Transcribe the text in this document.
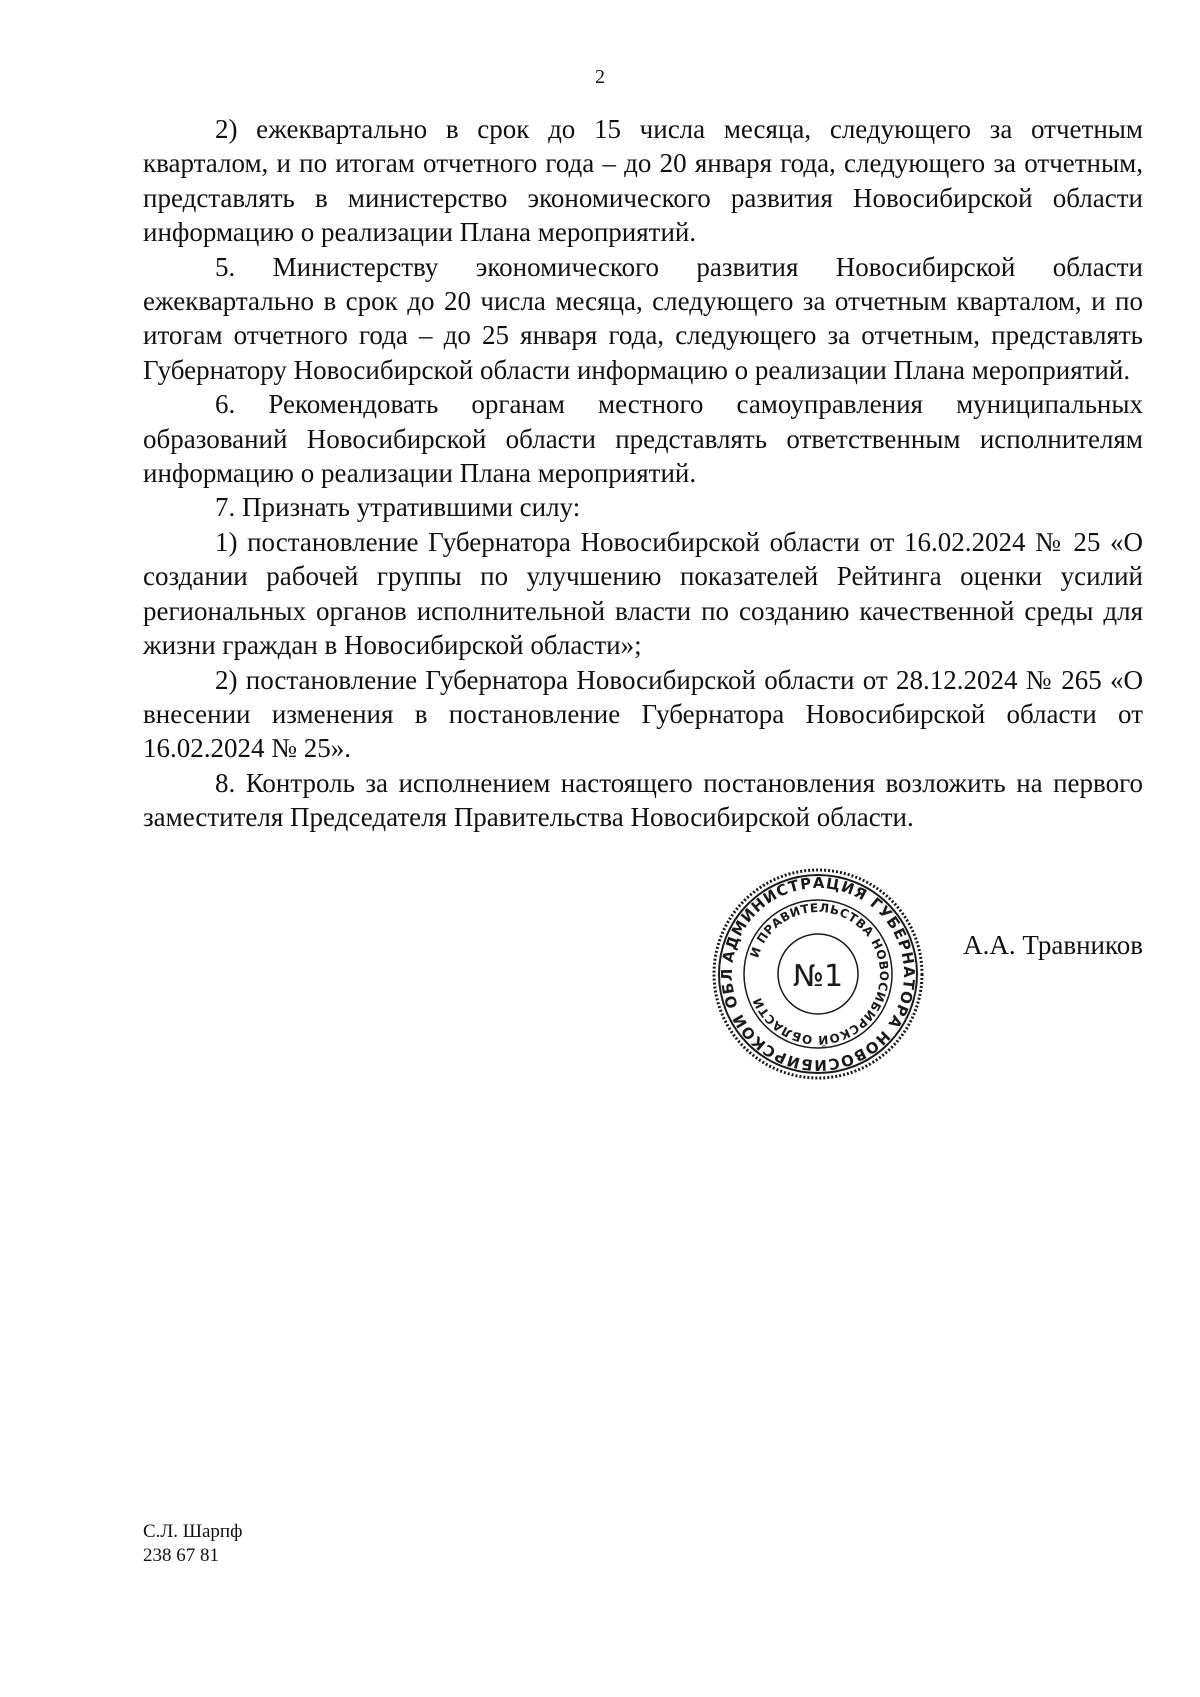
2

2) ежеквартально в срок до 15 числа месяца, следующего за отчетным кварталом, и по итогам отчетного года – до 20 января года, следующего за отчетным, представлять в министерство экономического развития Новосибирской области информацию о реализации Плана мероприятий.

5. Министерству экономического развития Новосибирской области ежеквартально в срок до 20 числа месяца, следующего за отчетным кварталом, и по итогам отчетного года – до 25 января года, следующего за отчетным, представлять Губернатору Новосибирской области информацию о реализации Плана мероприятий.

6. Рекомендовать органам местного самоуправления муниципальных образований Новосибирской области представлять ответственным исполнителям информацию о реализации Плана мероприятий.

7. Признать утратившими силу:

1) постановление Губернатора Новосибирской области от 16.02.2024 № 25 «О создании рабочей группы по улучшению показателей Рейтинга оценки усилий региональных органов исполнительной власти по созданию качественной среды для жизни граждан в Новосибирской области»;

2) постановление Губернатора Новосибирской области от 28.12.2024 № 265 «О внесении изменения в постановление Губернатора Новосибирской области от 16.02.2024 № 25».

8. Контроль за исполнением настоящего постановления возложить на первого заместителя Председателя Правительства Новосибирской области.

АДМИНИСТРАЦИЯ ГУБЕРНАТОРА НОВОСИБИРСКОЙ ОБЛ
И ПРАВИТЕЛЬСТВА НОВОСИБИРСКОЙ ОБЛАСТИ
№1
А.А. Травников
С.Л. Шарпф
238 67 81
